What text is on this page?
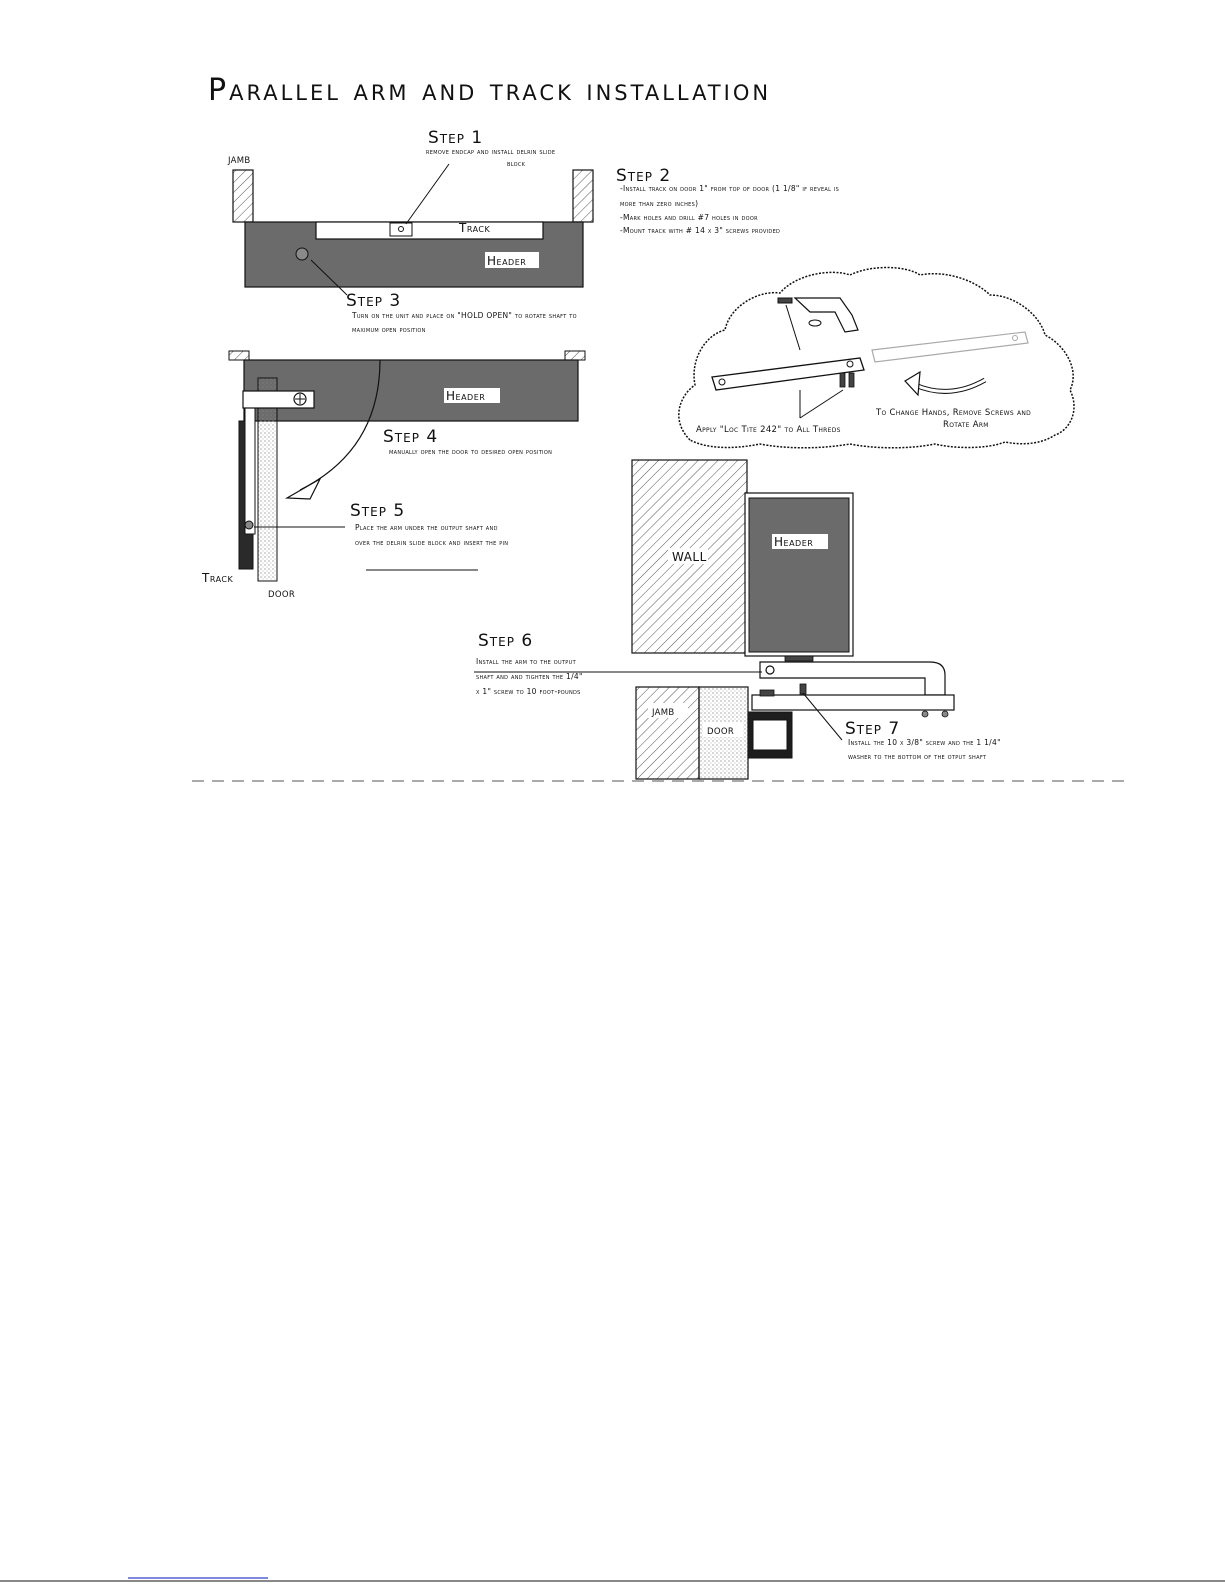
Parallel arm and track installation
JAMB
Track
Header
Step 1
remove endcap and install delrin slide
block
Step 2
-Install track on door 1" from top of door (1 1/8" if reveal is
more than zero inches)
-Mark holes and drill #7 holes in door
-Mount track with # 14 x 3" screws provided
Step 3
Turn on the unit and place on "HOLD OPEN" to rotate shaft to
maximum open position
Header
Track
DOOR
Step 4
manually open the door to desired open position
Step 5
Place the arm under the output shaft and
over the delrin slide block and insert the pin
Apply "Loc Tite 242" to All Threds
To Change Hands, Remove Screws and
Rotate Arm
WALL
Header
JAMB
DOOR
Step 6
Install the arm to the output
shaft and and tighten the 1/4"
x 1" screw to 10 foot-pounds
Step 7
Install the 10 x 3/8" screw and the 1 1/4"
washer to the bottom of the otput shaft
